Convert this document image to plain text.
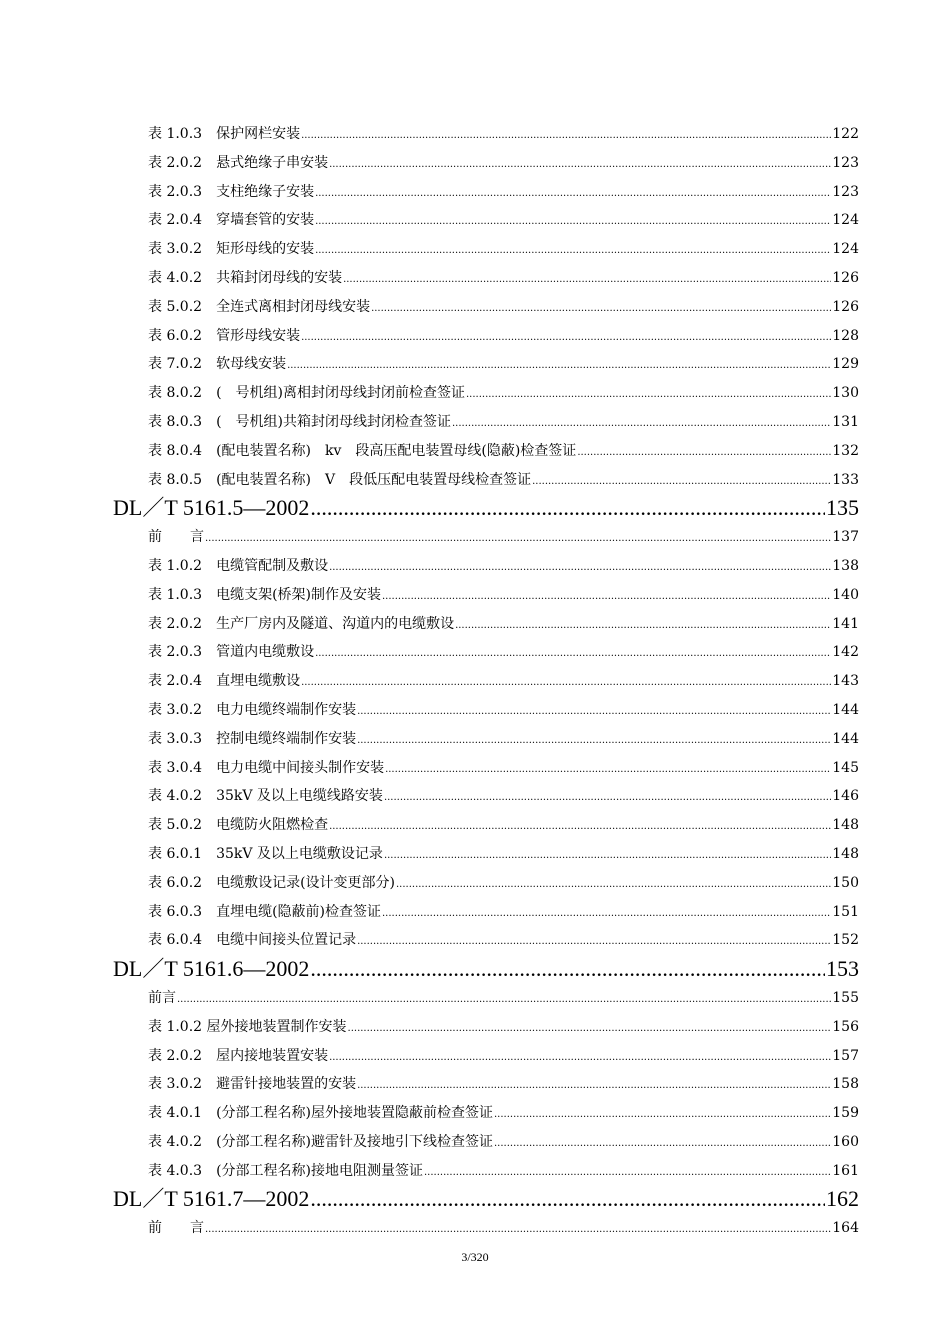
表 1.0.3　保护网栏安装 .....	122
表 2.0.2　悬式绝缘子串安装 .....	123
表 2.0.3　支柱绝缘子安装 .....	123
表 2.0.4　穿墙套管的安装 .....	124
表 3.0.2　矩形母线的安装 .....	124
表 4.0.2　共箱封闭母线的安装 .....	126
表 5.0.2　全连式离相封闭母线安装 .....	126
表 6.0.2　管形母线安装 .....	128
表 7.0.2　软母线安装 .....	129
表 8.0.2　(　号机组)离相封闭母线封闭前检查签证 .....	130
表 8.0.3　(　号机组)共箱封闭母线封闭检查签证 .....	131
表 8.0.4　(配电装置名称)　kv　段高压配电装置母线(隐蔽)检查签证 .....	132
表 8.0.5　(配电装置名称)　V　段低压配电装置母线检查签证 .....	133
DL／T 5161.5—2002 .....	135
前　　言 .....	137
表 1.0.2　电缆管配制及敷设 .....	138
表 1.0.3　电缆支架(桥架)制作及安装 .....	140
表 2.0.2　生产厂房内及隧道、沟道内的电缆敷设 .....	141
表 2.0.3　管道内电缆敷设 .....	142
表 2.0.4　直埋电缆敷设 .....	143
表 3.0.2　电力电缆终端制作安装 .....	144
表 3.0.3　控制电缆终端制作安装 .....	144
表 3.0.4　电力电缆中间接头制作安装 .....	145
表 4.0.2　35kV 及以上电缆线路安装 .....	146
表 5.0.2　电缆防火阻燃检查 .....	148
表 6.0.1　35kV 及以上电缆敷设记录 .....	148
表 6.0.2　电缆敷设记录(设计变更部分) .....	150
表 6.0.3　直埋电缆(隐蔽前)检查签证 .....	151
表 6.0.4　电缆中间接头位置记录 .....	152
DL／T 5161.6—2002 .....	153
前言 .....	155
表 1.0.2 屋外接地装置制作安装 .....	156
表 2.0.2　屋内接地装置安装 .....	157
表 3.0.2　避雷针接地装置的安装 .....	158
表 4.0.1　(分部工程名称)屋外接地装置隐蔽前检查签证 .....	159
表 4.0.2　(分部工程名称)避雷针及接地引下线检查签证 .....	160
表 4.0.3　(分部工程名称)接地电阻测量签证 .....	161
DL／T 5161.7—2002 .....	162
前　　言 .....	164
3/320
